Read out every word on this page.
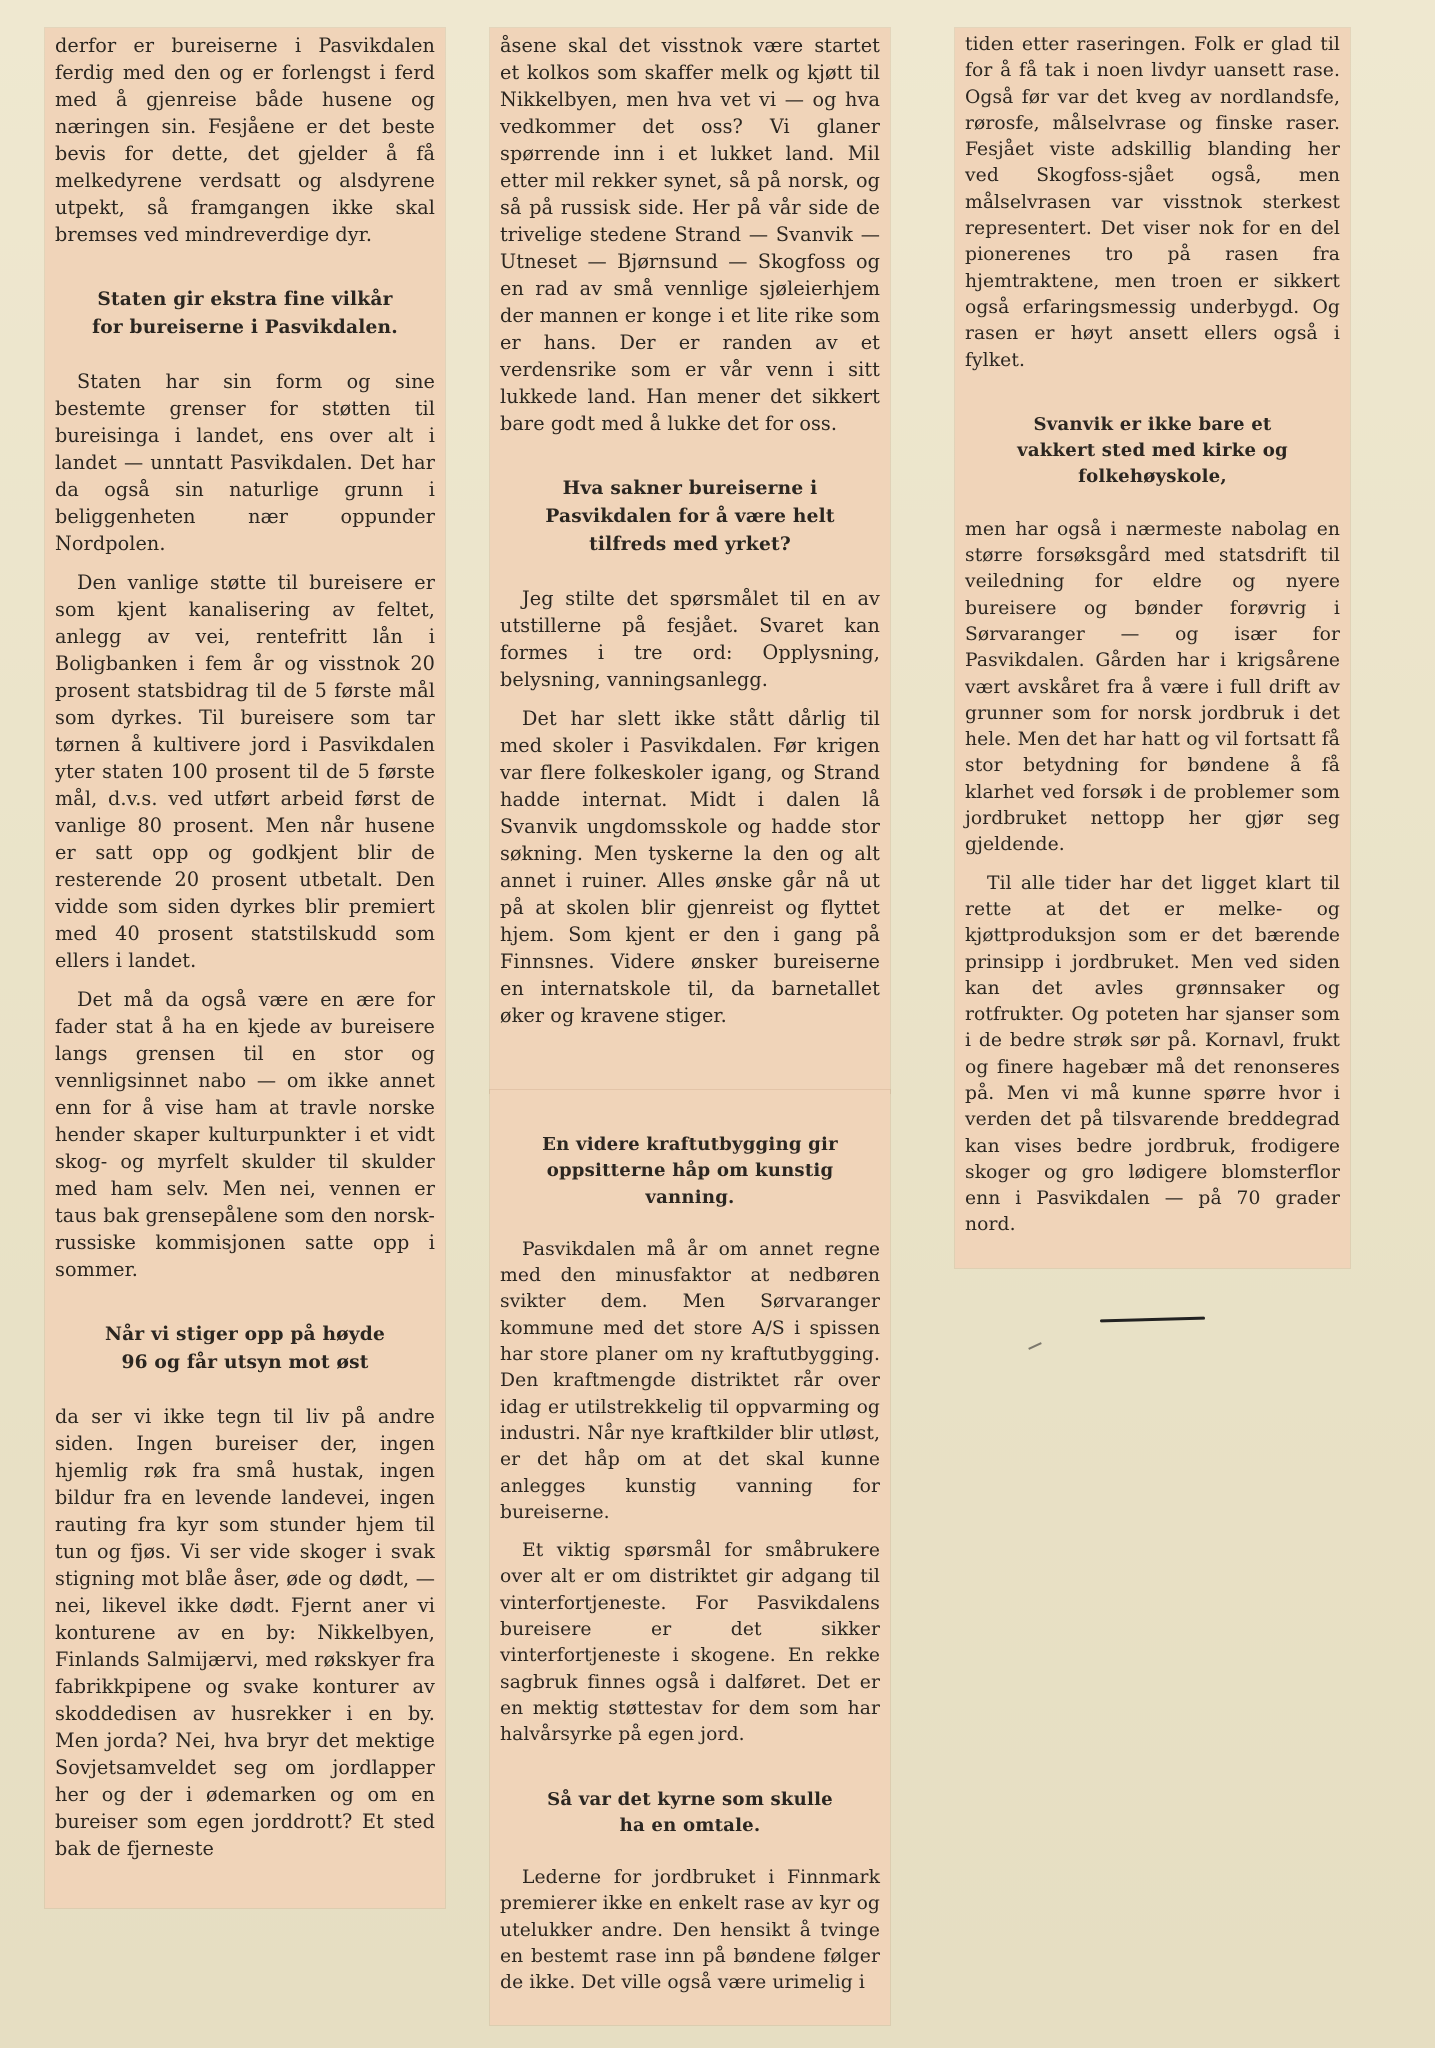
derfor er bureiserne i Pasvikdalen ferdig med den og er forlengst i ferd med å gjenreise både husene og næringen sin. Fesjåene er det beste bevis for dette, det gjelder å få melkedyrene verdsatt og alsdyrene utpekt, så framgangen ikke skal bremses ved mindreverdige dyr.

Staten gir ekstra fine vilkår for bureiserne i Pasvikdalen.

Staten har sin form og sine bestemte grenser for støtten til bureisinga i landet, ens over alt i landet — unntatt Pasvikdalen. Det har da også sin naturlige grunn i beliggenheten nær oppunder Nordpolen.

Den vanlige støtte til bureisere er som kjent kanalisering av feltet, anlegg av vei, rentefritt lån i Boligbanken i fem år og visstnok 20 prosent statsbidrag til de 5 første mål som dyrkes. Til bureisere som tar tørnen å kultivere jord i Pasvikdalen yter staten 100 prosent til de 5 første mål, d.v.s. ved utført arbeid først de vanlige 80 prosent. Men når husene er satt opp og godkjent blir de resterende 20 prosent utbetalt. Den vidde som siden dyrkes blir premiert med 40 prosent statstilskudd som ellers i landet.

Det må da også være en ære for fader stat å ha en kjede av bureisere langs grensen til en stor og vennligsinnet nabo — om ikke annet enn for å vise ham at travle norske hender skaper kulturpunkter i et vidt skog- og myrfelt skulder til skulder med ham selv. Men nei, vennen er taus bak grensepålene som den norsk-russiske kommisjonen satte opp i sommer.

Når vi stiger opp på høyde 96 og får utsyn mot øst

da ser vi ikke tegn til liv på andre siden. Ingen bureiser der, ingen hjemlig røk fra små hustak, ingen bildur fra en levende landevei, ingen rauting fra kyr som stunder hjem til tun og fjøs. Vi ser vide skoger i svak stigning mot blåe åser, øde og dødt, — nei, likevel ikke dødt. Fjernt aner vi konturene av en by: Nikkelbyen, Finlands Salmijærvi, med røkskyer fra fabrikkpipene og svake konturer av skoddedisen av husrekker i en by. Men jorda? Nei, hva bryr det mektige Sovjetsamveldet seg om jordlapper her og der i ødemarken og om en bureiser som egen jorddrott? Et sted bak de fjerneste

åsene skal det visstnok være startet et kolkos som skaffer melk og kjøtt til Nikkelbyen, men hva vet vi — og hva vedkommer det oss? Vi glaner spørrende inn i et lukket land. Mil etter mil rekker synet, så på norsk, og så på russisk side. Her på vår side de trivelige stedene Strand — Svanvik — Utneset — Bjørnsund — Skogfoss og en rad av små vennlige sjøleierhjem der mannen er konge i et lite rike som er hans. Der er randen av et verdensrike som er vår venn i sitt lukkede land. Han mener det sikkert bare godt med å lukke det for oss.

Hva sakner bureiserne i Pasvikdalen for å være helt tilfreds med yrket?

Jeg stilte det spørsmålet til en av utstillerne på fesjået. Svaret kan formes i tre ord: Opplysning, belysning, vanningsanlegg.

Det har slett ikke stått dårlig til med skoler i Pasvikdalen. Før krigen var flere folkeskoler igang, og Strand hadde internat. Midt i dalen lå Svanvik ungdomsskole og hadde stor søkning. Men tyskerne la den og alt annet i ruiner. Alles ønske går nå ut på at skolen blir gjenreist og flyttet hjem. Som kjent er den i gang på Finnsnes. Videre ønsker bureiserne en internatskole til, da barnetallet øker og kravene stiger.

En videre kraftutbygging gir oppsitterne håp om kunstig vanning.

Pasvikdalen må år om annet regne med den minusfaktor at nedbøren svikter dem. Men Sørvaranger kommune med det store A/S i spissen har store planer om ny kraftutbygging. Den kraftmengde distriktet rår over idag er utilstrekkelig til oppvarming og industri. Når nye kraftkilder blir utløst, er det håp om at det skal kunne anlegges kunstig vanning for bureiserne.

Et viktig spørsmål for småbrukere over alt er om distriktet gir adgang til vinterfortjeneste. For Pasvikdalens bureisere er det sikker vinterfortjeneste i skogene. En rekke sagbruk finnes også i dalføret. Det er en mektig støttestav for dem som har halvårsyrke på egen jord.

Så var det kyrne som skulle ha en omtale.

Lederne for jordbruket i Finnmark premierer ikke en enkelt rase av kyr og utelukker andre. Den hensikt å tvinge en bestemt rase inn på bøndene følger de ikke. Det ville også være urimelig i

tiden etter raseringen. Folk er glad til for å få tak i noen livdyr uansett rase. Også før var det kveg av nordlandsfe, rørosfe, målselvrase og finske raser. Fesjået viste adskillig blanding her ved Skogfoss-sjået også, men målselvrasen var visstnok sterkest representert. Det viser nok for en del pionerenes tro på rasen fra hjemtraktene, men troen er sikkert også erfaringsmessig underbygd. Og rasen er høyt ansett ellers også i fylket.

Svanvik er ikke bare et vakkert sted med kirke og folkehøyskole,

men har også i nærmeste nabolag en større forsøksgård med statsdrift til veiledning for eldre og nyere bureisere og bønder forøvrig i Sørvaranger — og især for Pasvikdalen. Gården har i krigsårene vært avskåret fra å være i full drift av grunner som for norsk jordbruk i det hele. Men det har hatt og vil fortsatt få stor betydning for bøndene å få klarhet ved forsøk i de problemer som jordbruket nettopp her gjør seg gjeldende.

Til alle tider har det ligget klart til rette at det er melke- og kjøttproduksjon som er det bærende prinsipp i jordbruket. Men ved siden kan det avles grønnsaker og rotfrukter. Og poteten har sjanser som i de bedre strøk sør på. Kornavl, frukt og finere hagebær må det renonseres på. Men vi må kunne spørre hvor i verden det på tilsvarende breddegrad kan vises bedre jordbruk, frodigere skoger og gro lødigere blomsterflor enn i Pasvikdalen — på 70 grader nord.
